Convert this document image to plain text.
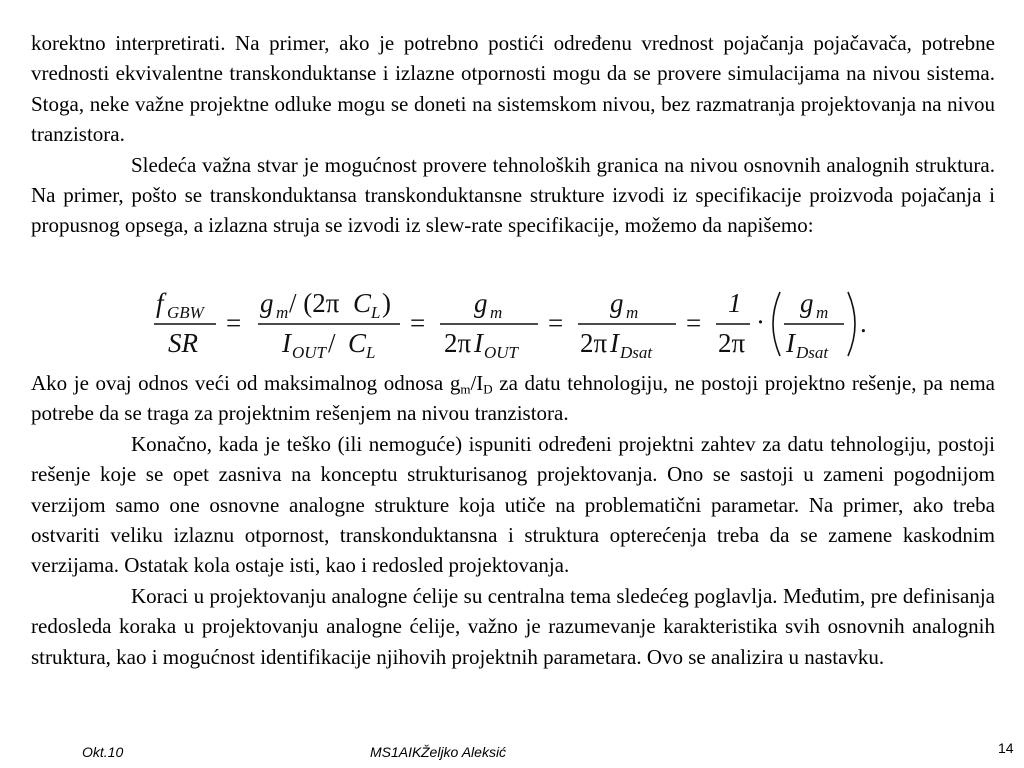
korektno interpretirati. Na primer, ako je potrebno postići određenu vrednost pojačanja pojačavača, potrebne vrednosti ekvivalentne transkonduktanse i izlazne otpornosti mogu da se provere simulacijama na nivou sistema. Stoga, neke važne projektne odluke mogu se doneti na sistemskom nivou, bez razmatranja projektovanja na nivou tranzistora.

Sledeća važna stvar je mogućnost provere tehnoloških granica na nivou osnovnih analognih struktura. Na primer, pošto se transkonduktansa transkonduktansne strukture izvodi iz specifikacije proizvoda pojačanja i propusnog opsega, a izlazna struja se izvodi iz slew-rate specifikacije, možemo da napišemo:

f GBW
SR
=
g m / (2π C L )
I OUT / C L
=
g m
2π I OUT
=
g m
2π I Dsat
=
1
2π
·
g m
I Dsat
.

Ako je ovaj odnos veći od maksimalnog odnosa $g_m/I_D$ za datu tehnologiju, ne postoji projektno rešenje, pa nema potrebe da se traga za projektnim rešenjem na nivou tranzistora.

Konačno, kada je teško (ili nemoguće) ispuniti određeni projektni zahtev za datu tehnologiju, postoji rešenje koje se opet zasniva na konceptu strukturisanog projektovanja. Ono se sastoji u zameni pogodnijom verzijom samo one osnovne analogne strukture koja utiče na problematični parametar. Na primer, ako treba ostvariti veliku izlaznu otpornost, transkonduktansna i struktura opterećenja treba da se zamene kaskodnim verzijama. Ostatak kola ostaje isti, kao i redosled projektovanja.

Koraci u projektovanju analogne ćelije su centralna tema sledećeg poglavlja. Međutim, pre definisanja redosleda koraka u projektovanju analogne ćelije, važno je razumevanje karakteristika svih osnovnih analognih struktura, kao i mogućnost identifikacije njihovih projektnih parametara. Ovo se analizira u nastavku.

Okt.10	MS1AIK Željko Aleksić	14
